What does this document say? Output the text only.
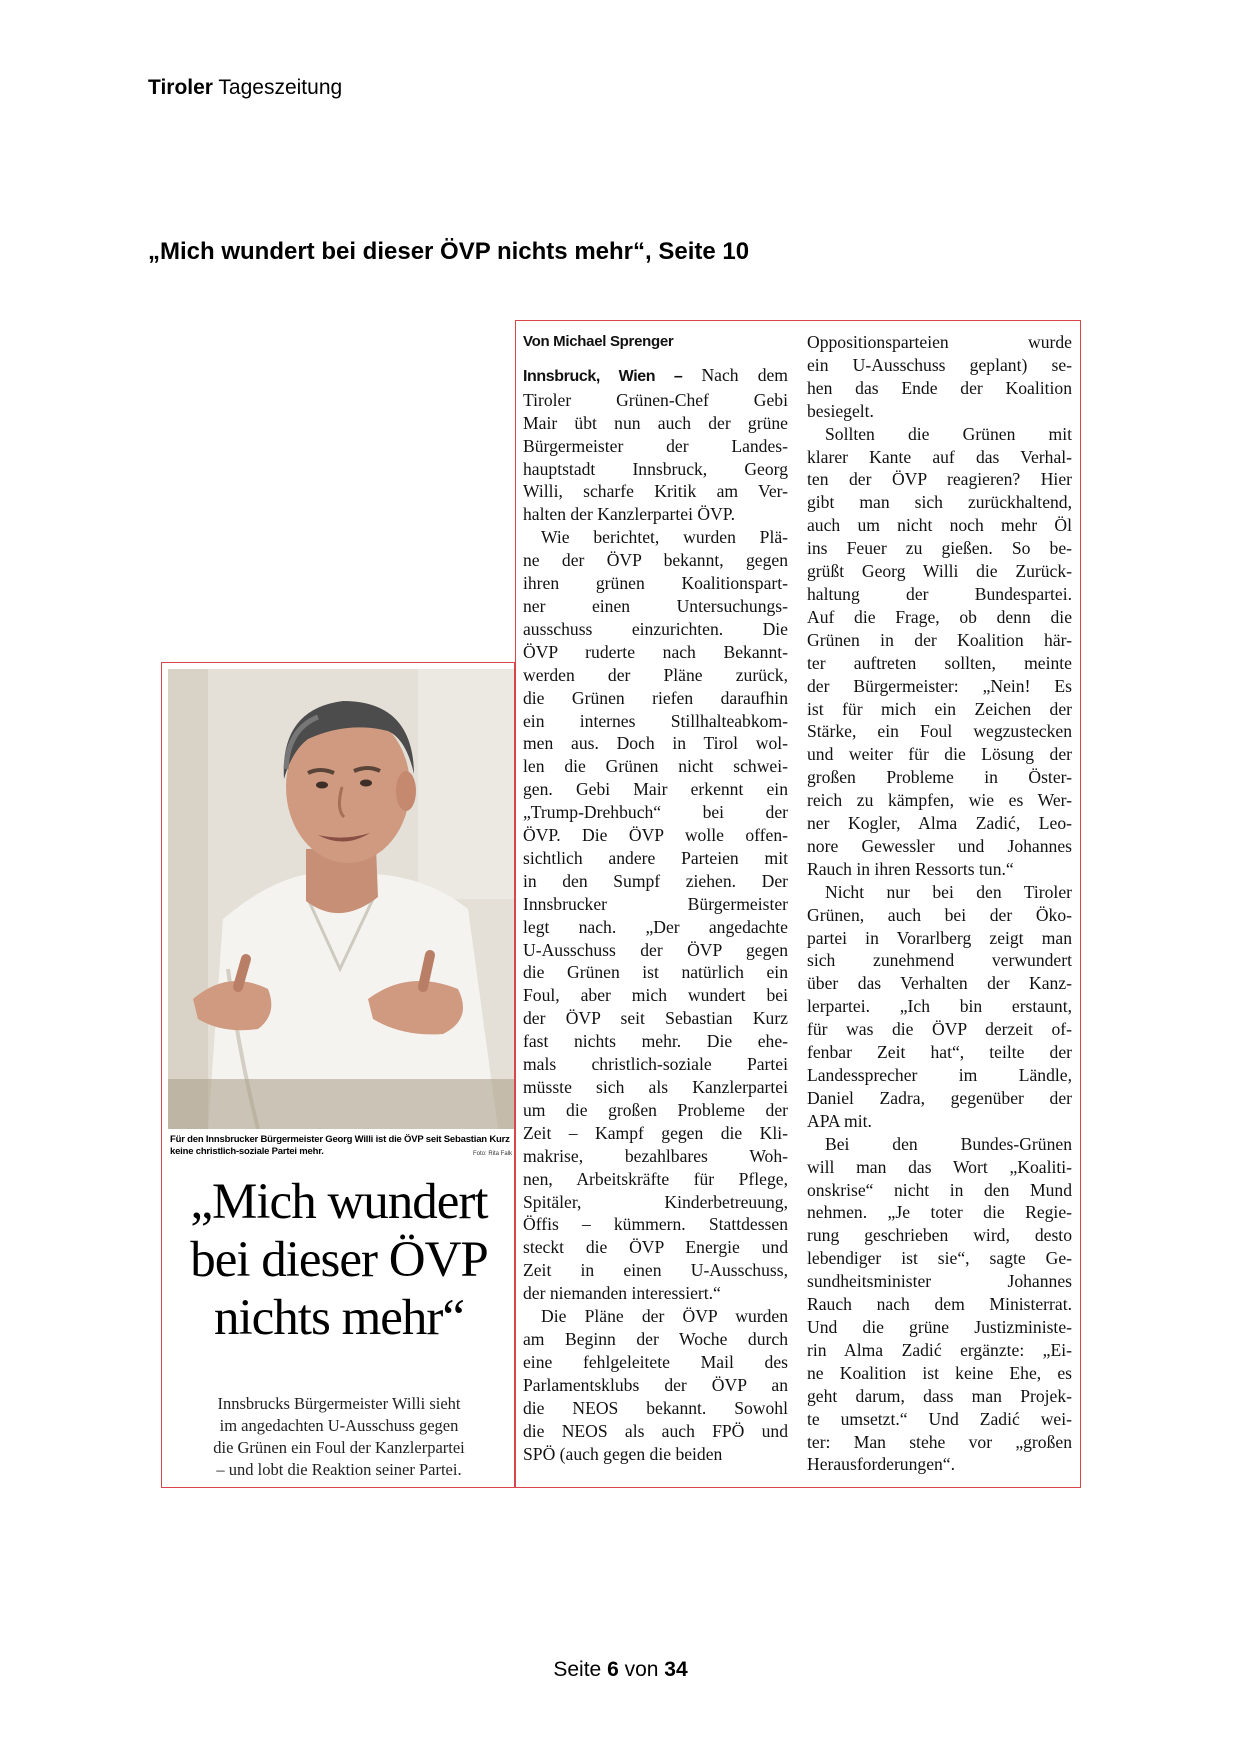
Tiroler Tageszeitung
„Mich wundert bei dieser ÖVP nichts mehr“, Seite 10
Für den Innsbrucker Bürgermeister Georg Willi ist die ÖVP seit Sebastian Kurz keine christlich-soziale Partei mehr.	Foto: Rita Falk
„Mich wundert
bei dieser ÖVP
nichts mehr“
Innsbrucks Bürgermeister Willi sieht
im angedachten U-Ausschuss gegen
die Grünen ein Foul der Kanzlerpartei
– und lobt die Reaktion seiner Partei.
Von Michael Sprenger
Innsbruck, Wien – Nach dem
Tiroler Grünen-Chef Gebi
Mair übt nun auch der grüne
Bürgermeister der Landes-
hauptstadt Innsbruck, Georg
Willi, scharfe Kritik am Ver-
halten der Kanzlerpartei ÖVP.
Wie berichtet, wurden Plä-
ne der ÖVP bekannt, gegen
ihren grünen Koalitionspart-
ner einen Untersuchungs-
ausschuss einzurichten. Die
ÖVP ruderte nach Bekannt-
werden der Pläne zurück,
die Grünen riefen daraufhin
ein internes Stillhalteabkom-
men aus. Doch in Tirol wol-
len die Grünen nicht schwei-
gen. Gebi Mair erkennt ein
„Trump-Drehbuch“ bei der
ÖVP. Die ÖVP wolle offen-
sichtlich andere Parteien mit
in den Sumpf ziehen. Der
Innsbrucker Bürgermeister
legt nach. „Der angedachte
U-Ausschuss der ÖVP gegen
die Grünen ist natürlich ein
Foul, aber mich wundert bei
der ÖVP seit Sebastian Kurz
fast nichts mehr. Die ehe-
mals christlich-soziale Partei
müsste sich als Kanzlerpartei
um die großen Probleme der
Zeit – Kampf gegen die Kli-
makrise, bezahlbares Woh-
nen, Arbeitskräfte für Pflege,
Spitäler, Kinderbetreuung,
Öffis – kümmern. Stattdessen
steckt die ÖVP Energie und
Zeit in einen U-Ausschuss,
der niemanden interessiert.“
Die Pläne der ÖVP wurden
am Beginn der Woche durch
eine fehlgeleitete Mail des
Parlamentsklubs der ÖVP an
die NEOS bekannt. Sowohl
die NEOS als auch FPÖ und
SPÖ (auch gegen die beiden
Oppositionsparteien wurde
ein U-Ausschuss geplant) se-
hen das Ende der Koalition
besiegelt.
Sollten die Grünen mit
klarer Kante auf das Verhal-
ten der ÖVP reagieren? Hier
gibt man sich zurückhaltend,
auch um nicht noch mehr Öl
ins Feuer zu gießen. So be-
grüßt Georg Willi die Zurück-
haltung der Bundespartei.
Auf die Frage, ob denn die
Grünen in der Koalition här-
ter auftreten sollten, meinte
der Bürgermeister: „Nein! Es
ist für mich ein Zeichen der
Stärke, ein Foul wegzustecken
und weiter für die Lösung der
großen Probleme in Öster-
reich zu kämpfen, wie es Wer-
ner Kogler, Alma Zadić, Leo-
nore Gewessler und Johannes
Rauch in ihren Ressorts tun.“
Nicht nur bei den Tiroler
Grünen, auch bei der Öko-
partei in Vorarlberg zeigt man
sich zunehmend verwundert
über das Verhalten der Kanz-
lerpartei. „Ich bin erstaunt,
für was die ÖVP derzeit of-
fenbar Zeit hat“, teilte der
Landessprecher im Ländle,
Daniel Zadra, gegenüber der
APA mit.
Bei den Bundes-Grünen
will man das Wort „Koaliti-
onskrise“ nicht in den Mund
nehmen. „Je toter die Regie-
rung geschrieben wird, desto
lebendiger ist sie“, sagte Ge-
sundheitsminister Johannes
Rauch nach dem Ministerrat.
Und die grüne Justizministe-
rin Alma Zadić ergänzte: „Ei-
ne Koalition ist keine Ehe, es
geht darum, dass man Projek-
te umsetzt.“ Und Zadić wei-
ter: Man stehe vor „großen
Herausforderungen“.
Seite 6 von 34
